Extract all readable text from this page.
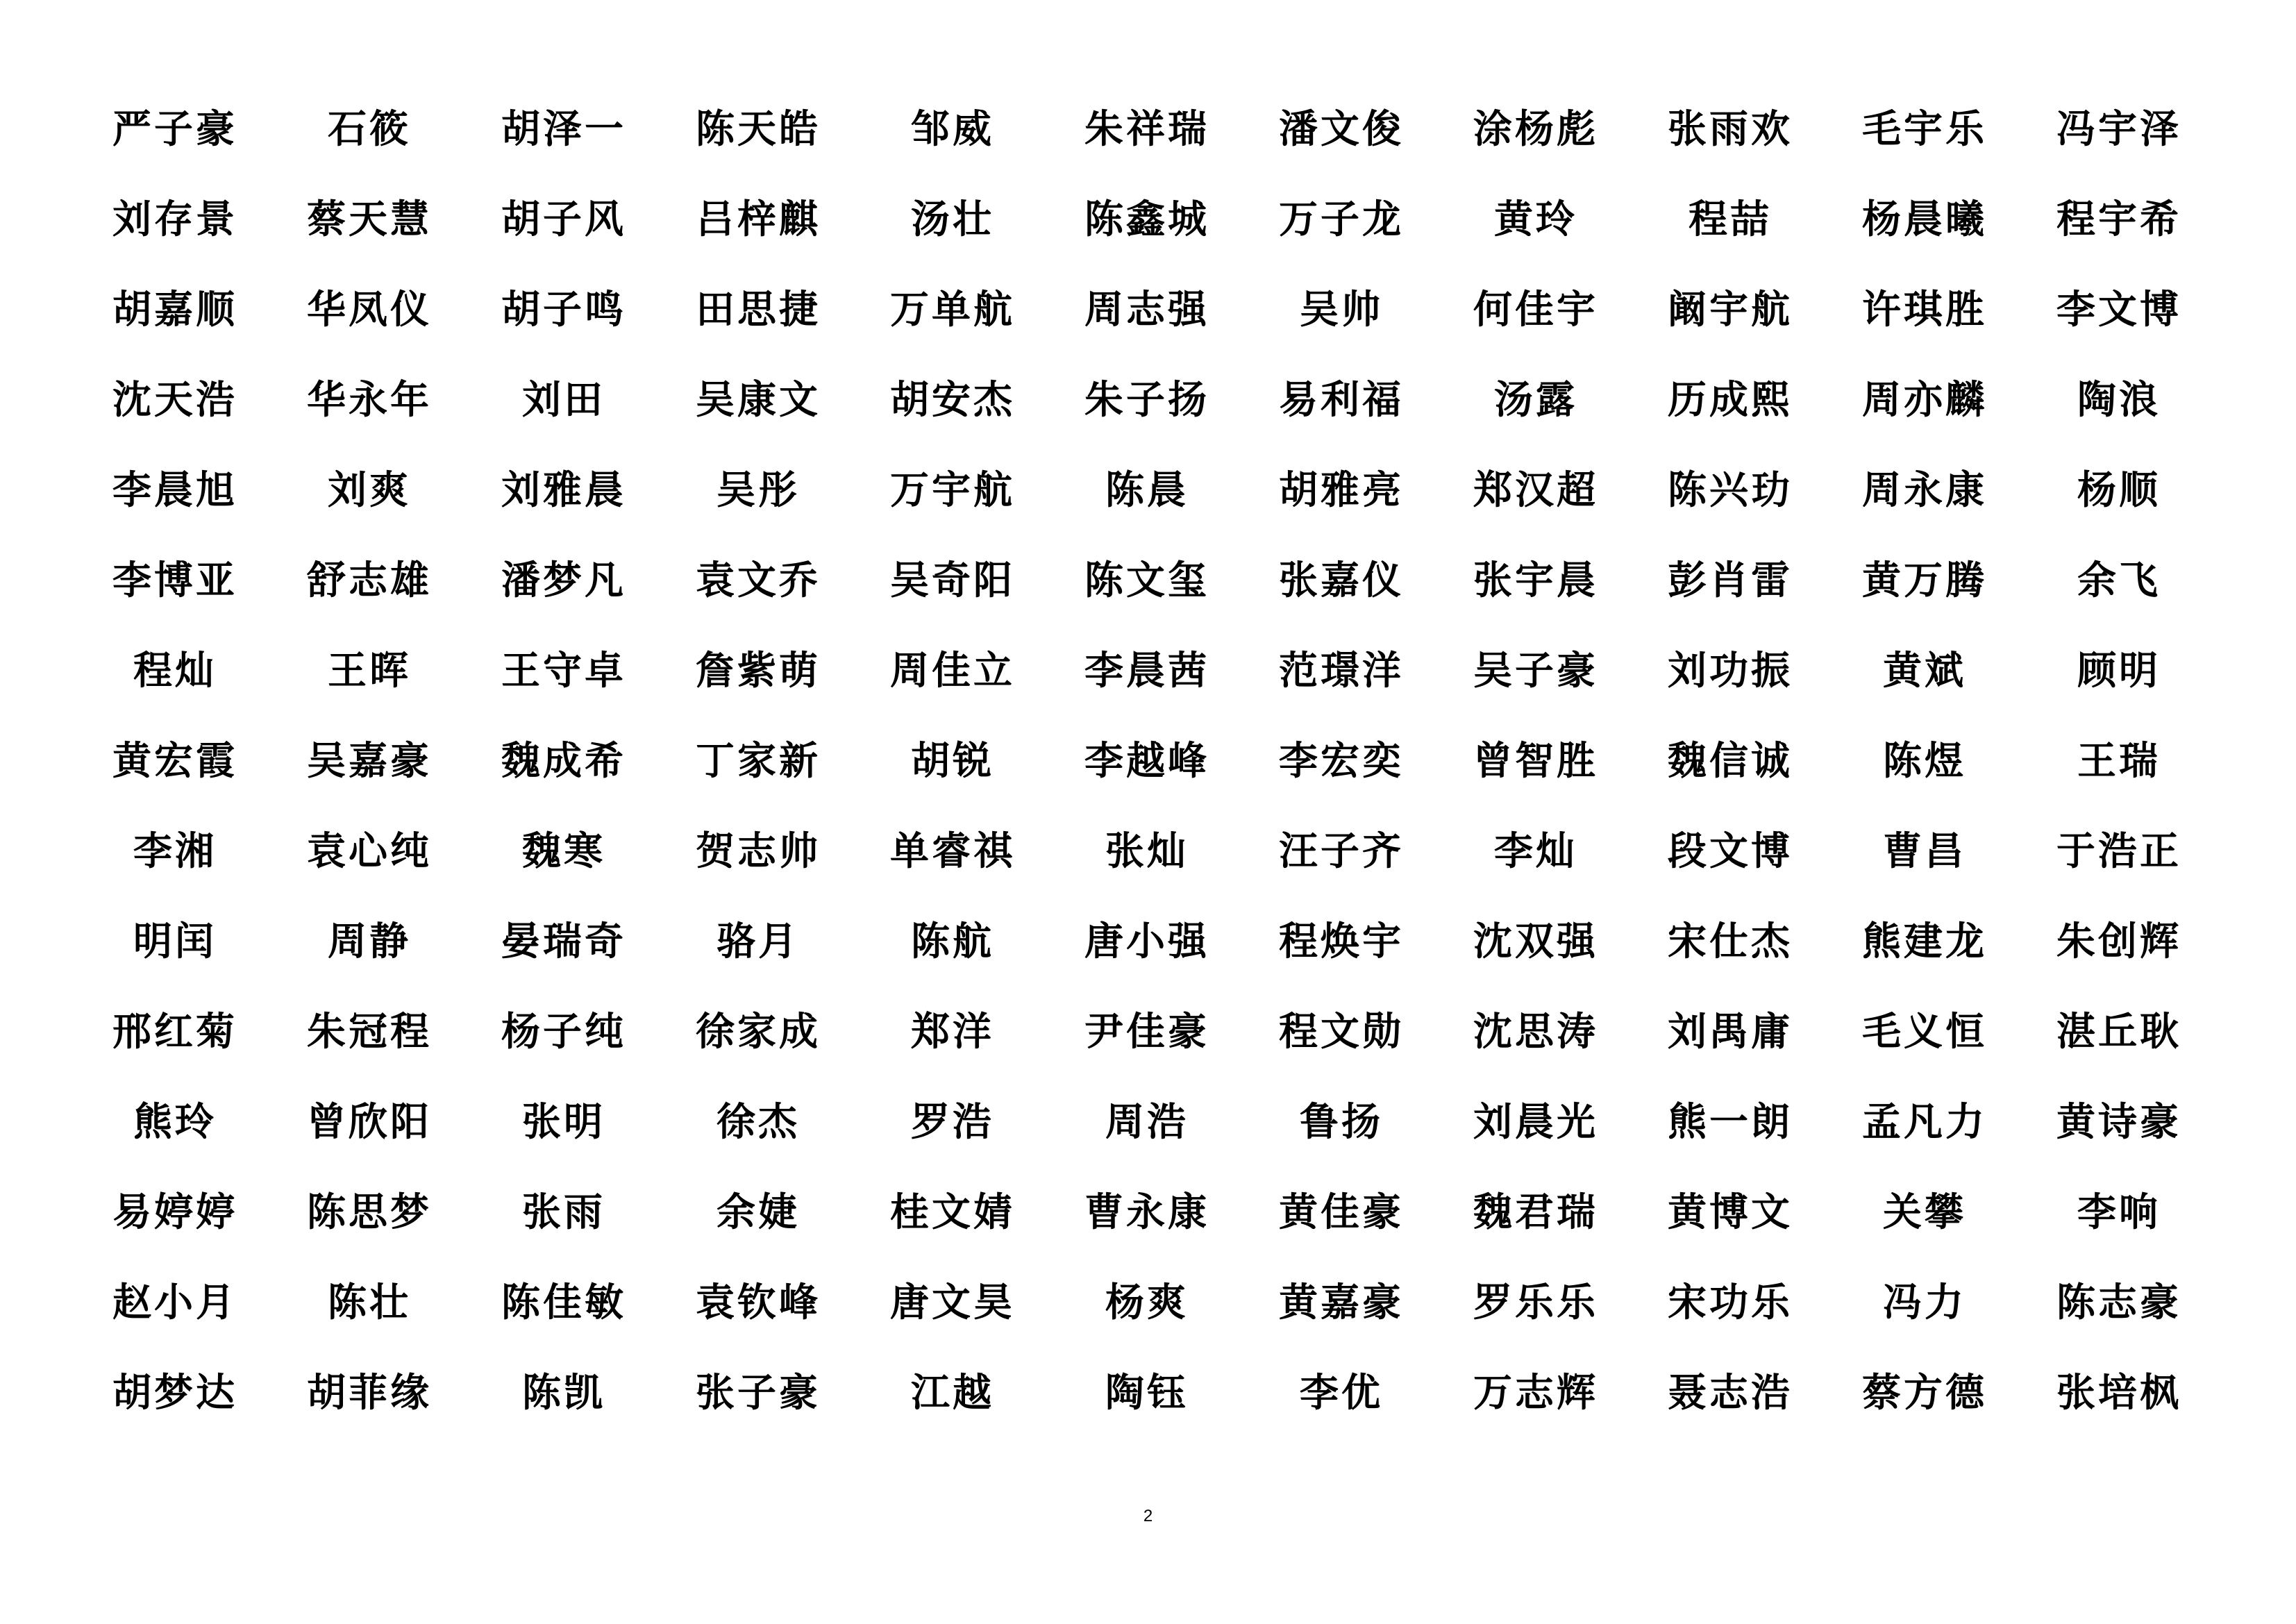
严子豪	石筱	胡泽一	陈天皓	邹威	朱祥瑞	潘文俊	涂杨彪	张雨欢	毛宇乐	冯宇泽
刘存景	蔡天慧	胡子风	吕梓麒	汤壮	陈鑫城	万子龙	黄玲	程喆	杨晨曦	程宇希
胡嘉顺	华凤仪	胡子鸣	田思捷	万单航	周志强	吴帅	何佳宇	阚宇航	许琪胜	李文博
沈天浩	华永年	刘田	吴康文	胡安杰	朱子扬	易利福	汤露	历成熙	周亦麟	陶浪
李晨旭	刘爽	刘雅晨	吴彤	万宇航	陈晨	胡雅亮	郑汉超	陈兴玏	周永康	杨顺
李博亚	舒志雄	潘梦凡	袁文乔	吴奇阳	陈文玺	张嘉仪	张宇晨	彭肖雷	黄万腾	余飞
程灿	王晖	王守卓	詹紫萌	周佳立	李晨茜	范璟洋	吴子豪	刘功振	黄斌	顾明
黄宏霞	吴嘉豪	魏成希	丁家新	胡锐	李越峰	李宏奕	曾智胜	魏信诚	陈煜	王瑞
李湘	袁心纯	魏寒	贺志帅	单睿祺	张灿	汪子齐	李灿	段文博	曹昌	于浩正
明闰	周静	晏瑞奇	骆月	陈航	唐小强	程焕宇	沈双强	宋仕杰	熊建龙	朱创辉
邢红菊	朱冠程	杨子纯	徐家成	郑洋	尹佳豪	程文勋	沈思涛	刘禺庸	毛义恒	湛丘耿
熊玲	曾欣阳	张明	徐杰	罗浩	周浩	鲁扬	刘晨光	熊一朗	孟凡力	黄诗豪
易婷婷	陈思梦	张雨	余婕	桂文婧	曹永康	黄佳豪	魏君瑞	黄博文	关攀	李响
赵小月	陈壮	陈佳敏	袁钦峰	唐文昊	杨爽	黄嘉豪	罗乐乐	宋功乐	冯力	陈志豪
胡梦达	胡菲缘	陈凯	张子豪	江越	陶钰	李优	万志辉	聂志浩	蔡方德	张培枫
2
